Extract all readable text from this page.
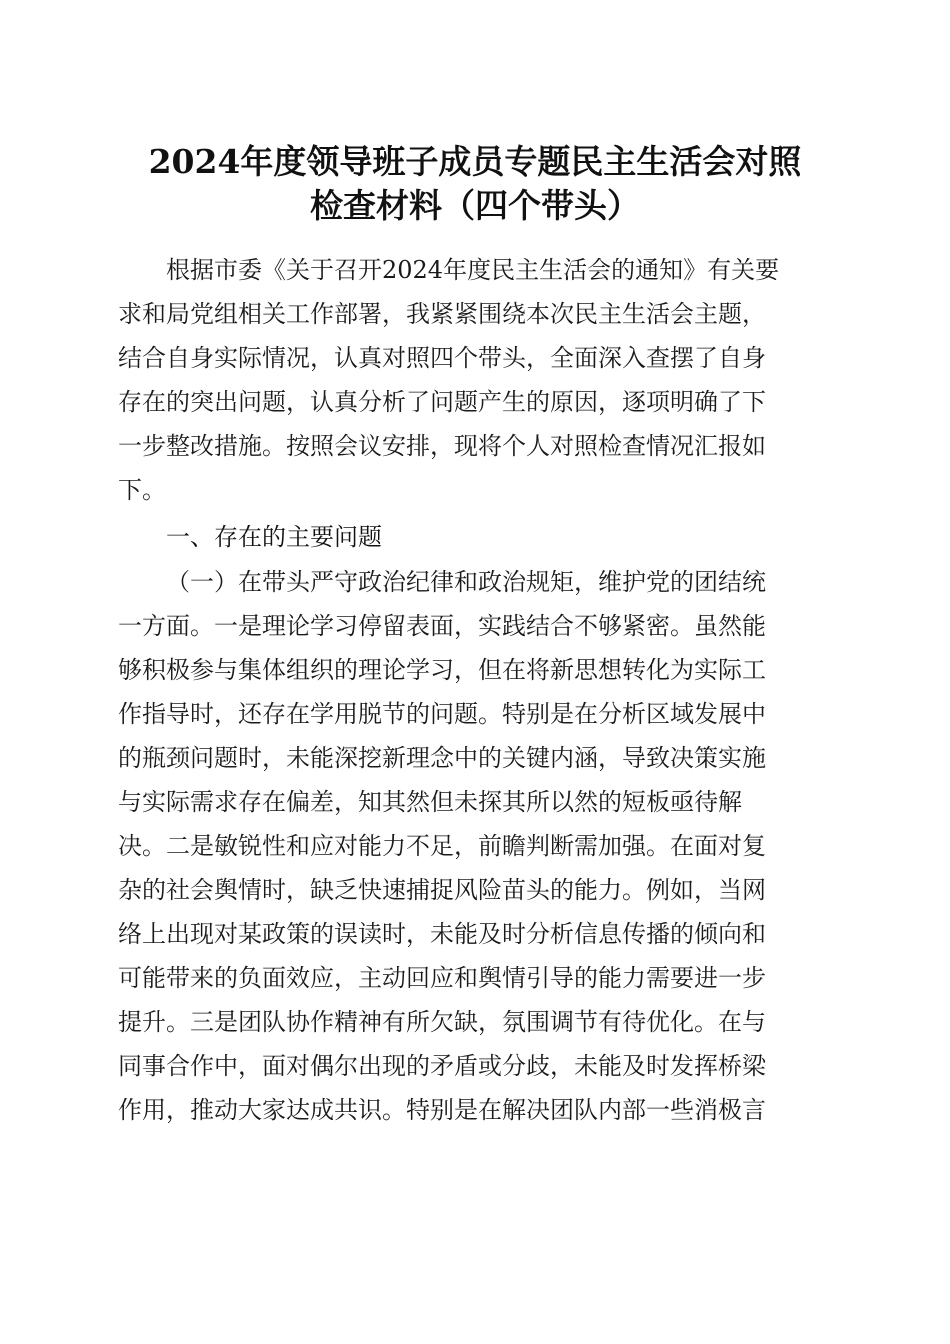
2024年度领导班子成员专题民主生活会对照
检查材料（四个带头）
根据市委《关于召开2024年度民主生活会的通知》有关要
求和局党组相关工作部署，我紧紧围绕本次民主生活会主题，
结合自身实际情况，认真对照四个带头，全面深入查摆了自身
存在的突出问题，认真分析了问题产生的原因，逐项明确了下
一步整改措施。按照会议安排，现将个人对照检查情况汇报如
下。
一、存在的主要问题
（一）在带头严守政治纪律和政治规矩，维护党的团结统
一方面。一是理论学习停留表面，实践结合不够紧密。虽然能
够积极参与集体组织的理论学习，但在将新思想转化为实际工
作指导时，还存在学用脱节的问题。特别是在分析区域发展中
的瓶颈问题时，未能深挖新理念中的关键内涵，导致决策实施
与实际需求存在偏差，知其然但未探其所以然的短板亟待解
决。二是敏锐性和应对能力不足，前瞻判断需加强。在面对复
杂的社会舆情时，缺乏快速捕捉风险苗头的能力。例如，当网
络上出现对某政策的误读时，未能及时分析信息传播的倾向和
可能带来的负面效应，主动回应和舆情引导的能力需要进一步
提升。三是团队协作精神有所欠缺，氛围调节有待优化。在与
同事合作中，面对偶尔出现的矛盾或分歧，未能及时发挥桥梁
作用，推动大家达成共识。特别是在解决团队内部一些消极言
